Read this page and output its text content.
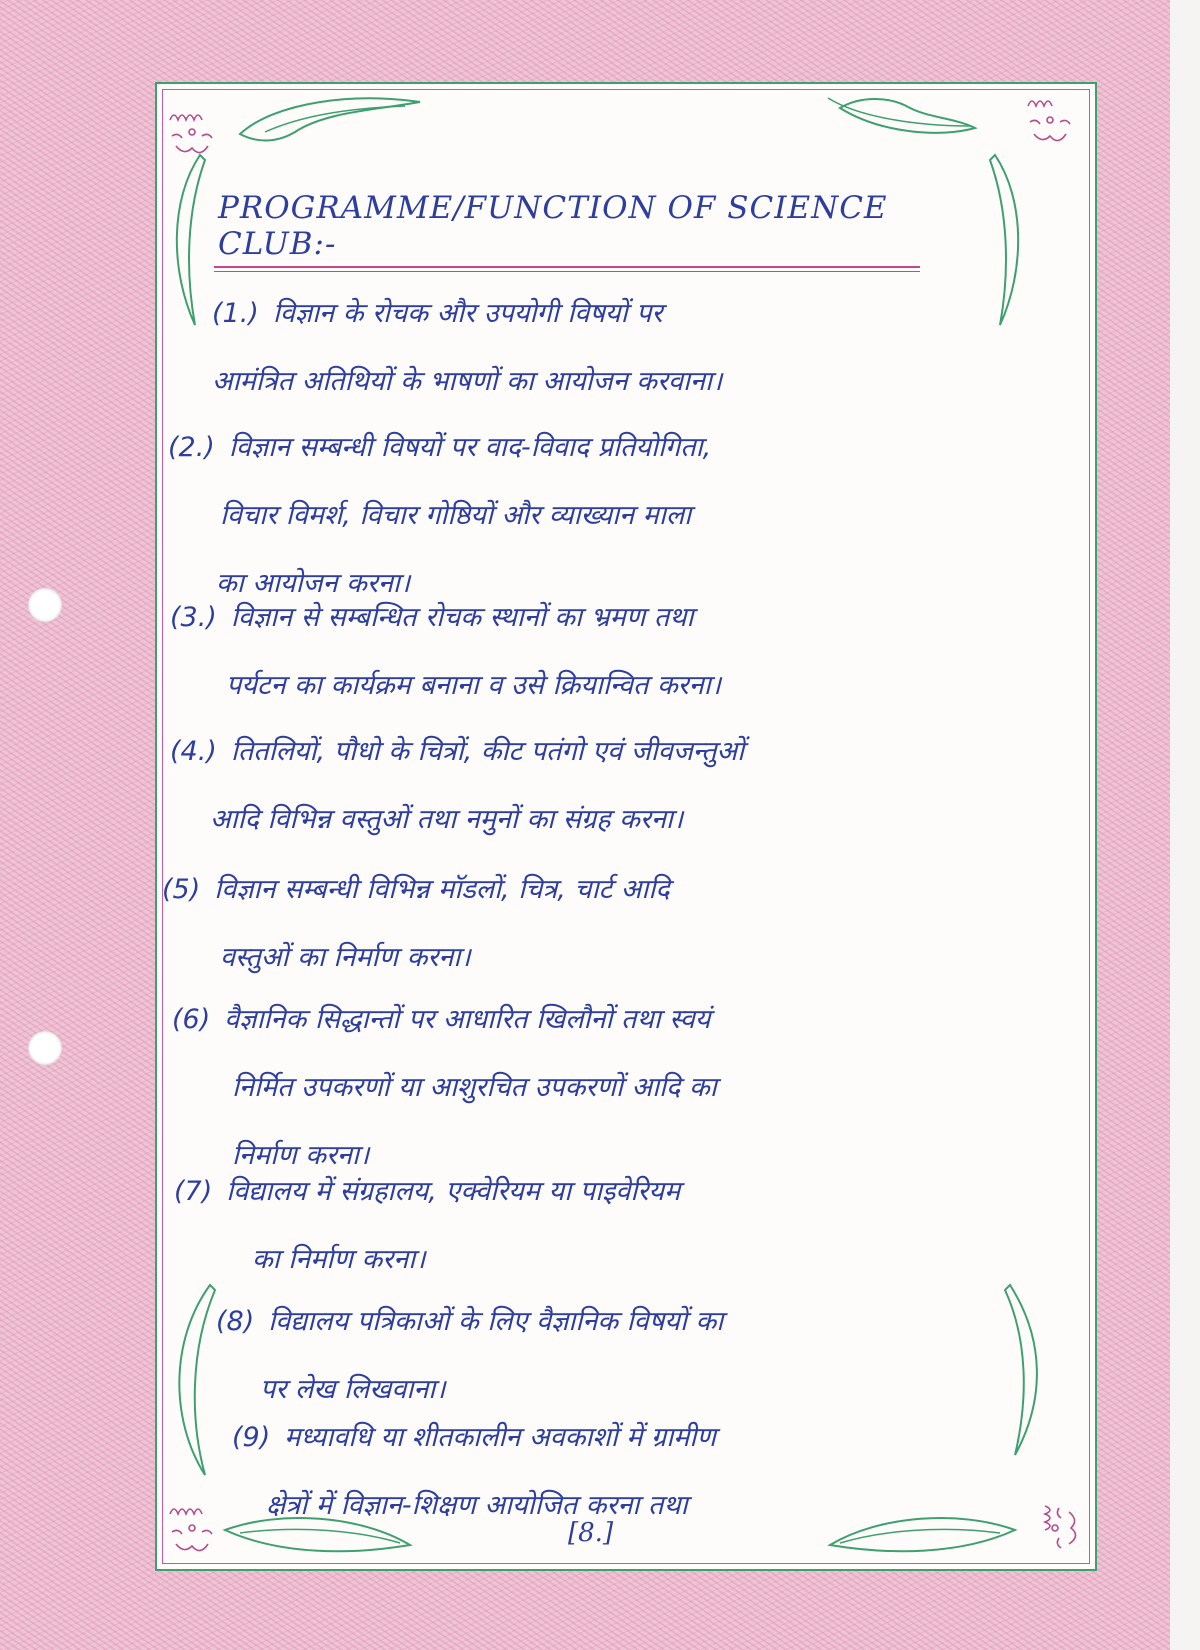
PROGRAMME/FUNCTION OF SCIENCE CLUB:-
(1.) विज्ञान के रोचक और उपयोगी विषयों पर
आमंत्रित अतिथियों के भाषणों का आयोजन करवाना।
(2.) विज्ञान सम्बन्धी विषयों पर वाद-विवाद प्रतियोगिता,
विचार विमर्श, विचार गोष्ठियों और व्याख्यान माला
का आयोजन करना।
(3.) विज्ञान से सम्बन्धित रोचक स्थानों का भ्रमण तथा
पर्यटन का कार्यक्रम बनाना व उसे क्रियान्वित करना।
(4.) तितलियों, पौधो के चित्रों, कीट पतंगो एवं जीवजन्तुओं
आदि विभिन्न वस्तुओं तथा नमुनों का संग्रह करना।
(5) विज्ञान सम्बन्धी विभिन्न मॉडलों, चित्र, चार्ट आदि
वस्तुओं का निर्माण करना।
(6) वैज्ञानिक सिद्धान्तों पर आधारित खिलौनों तथा स्वयं
निर्मित उपकरणों या आशुरचित उपकरणों आदि का
निर्माण करना।
(7) विद्यालय में संग्रहालय, एक्वेरियम या पाइवेरियम
का निर्माण करना।
(8) विद्यालय पत्रिकाओं के लिए वैज्ञानिक विषयों का
पर लेख लिखवाना।
(9) मध्यावधि या शीतकालीन अवकाशों में ग्रामीण
क्षेत्रों में विज्ञान-शिक्षण आयोजित करना तथा
[8.]
